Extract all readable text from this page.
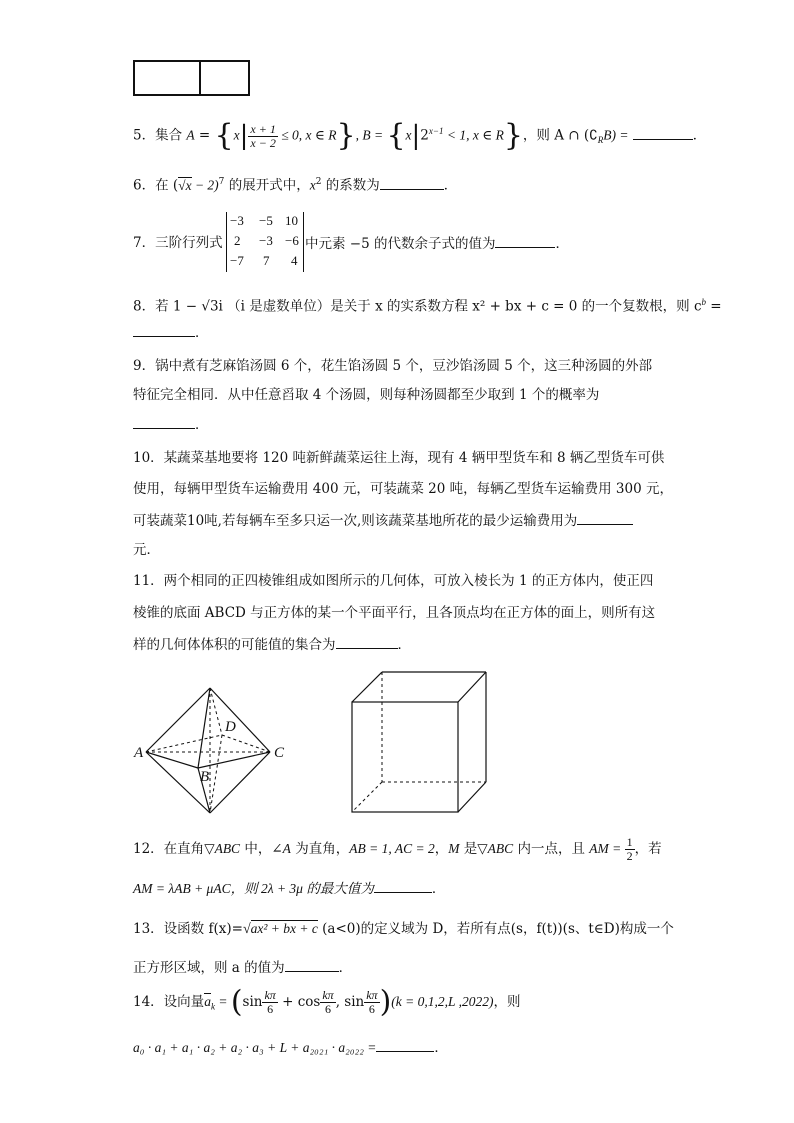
5．集合 $A = \{x| \frac{x + 1}{x - 2} \le 0$, x ∈ R}, $B = \{x|2^{x-1} < 1$, x ∈ R}，则 A ∩ $(∁_RB)$ =	．
6．在 $(√x - 2)^7$ 的展开式中，$x^2$ 的系数为	．
7．三阶行列式
−3 −5 10
2 −3 −6
−7 7 4
中元素 −5 的代数余子式的值为	．
8．若 1 − √3i （i 是虚数单位）是关于 x 的实系数方程 x² + bx + c = 0 的一个复数根，则 $c^b$ =
．
9．锅中煮有芝麻馅汤圆 6 个，花生馅汤圆 5 个，豆沙馅汤圆 5 个，这三种汤圆的外部
特征完全相同．从中任意舀取 4 个汤圆，则每种汤圆都至少取到 1 个的概率为
．
10．某蔬菜基地要将 120 吨新鲜蔬菜运往上海，现有 4 辆甲型货车和 8 辆乙型货车可供
使用，每辆甲型货车运输费用 400 元，可装蔬菜 20 吨，每辆乙型货车运输费用 300 元，
可装蔬菜10吨,若每辆车至多只运一次,则该蔬菜基地所花的最少运输费用为
元．
11．两个相同的正四棱锥组成如图所示的几何体，可放入棱长为 1 的正方体内，使正四
棱锥的底面 ABCD 与正方体的某一个平面平行，且各顶点均在正方体的面上，则所有这
样的几何体体积的可能值的集合为	．
A	C
D
B
12．在直角▽ABC 中，∠A 为直角，AB = 1, AC = 2，M 是▽ABC 内一点，且 AM = $\frac{1}{2}$ ，若
AM = λAB + μAC，则 2λ + 3μ 的最大值为	．
13．设函数 f(x)=√ax² + bx + c (a<0)的定义域为 D，若所有点(s，f(t))(s、t∈D)构成一个
正方形区域，则 a 的值为	．
14．设向量$a_k = (\sin \frac{k\pi}{6} + \cos \frac{k\pi}{6}$ , $\sin \frac{k\pi}{6} )(k = 0,1,2,L$ ,2022)，则
a₀ · a₁ + a₁ · a₂ + a₂ · a₃ + L + a₂₀₂₁ · a₂₀₂₂ =	．
